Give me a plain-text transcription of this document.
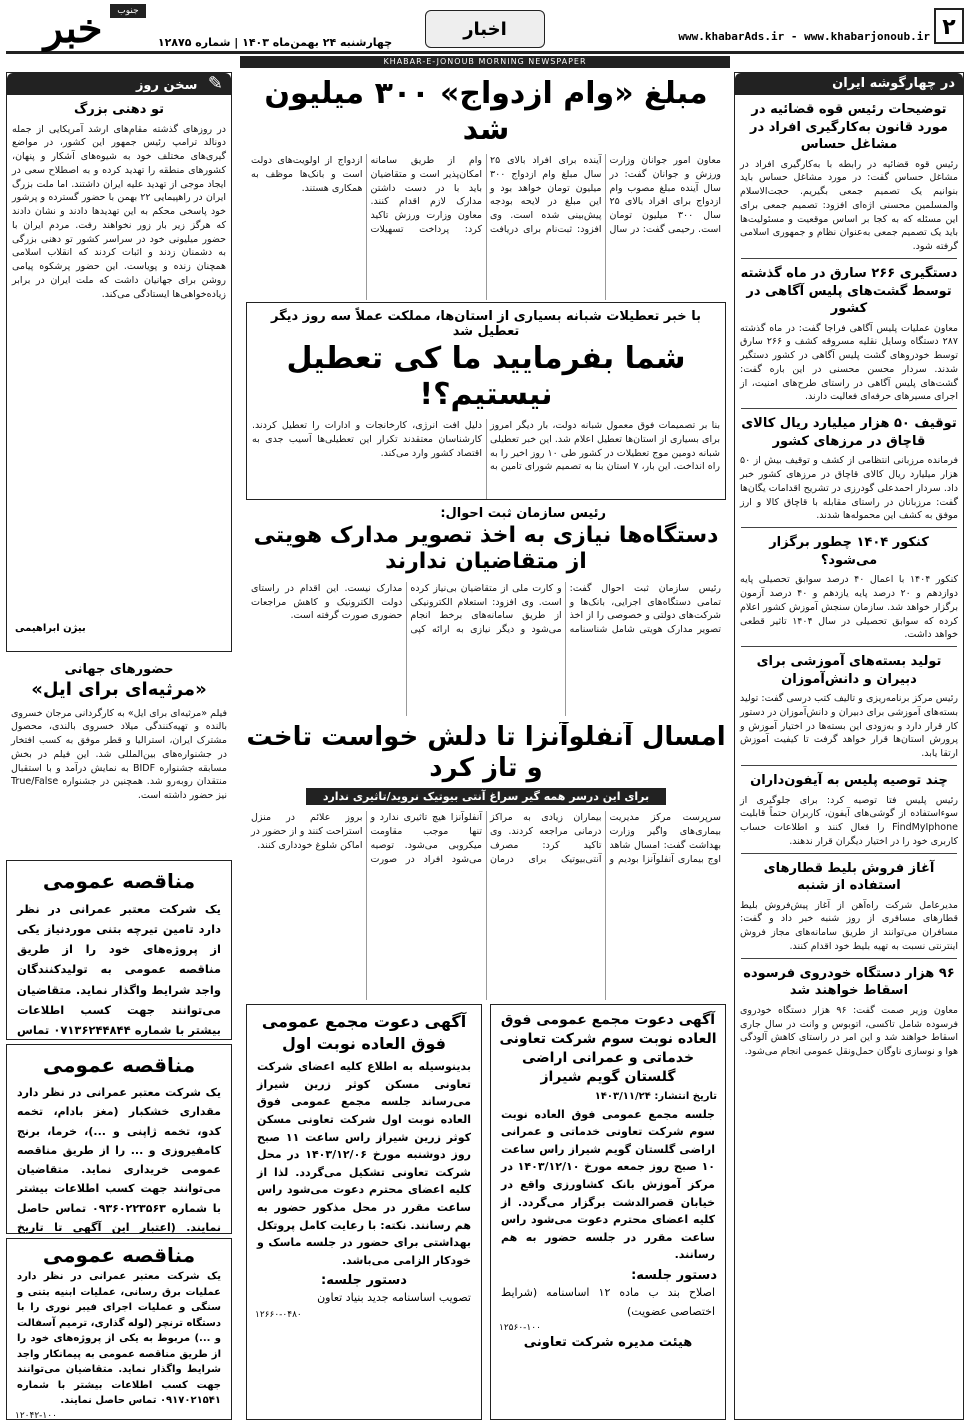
خبر	جنوب
چهارشنبه ۲۴ بهمن‌ماه ۱۴۰۳ | شماره ۱۲۸۷۵
اخبار	www.khabarAds.ir - www.khabarjonoub.ir ۲
KHABAR-E-JONOUB MORNING NEWSPAPER
در چهارگوشه ایران
توضیحات رئیس قوه قضائیه در مورد قانون به‌کارگیری افراد در مشاغل حساس
رئیس قوه قضائیه در رابطه با به‌کارگیری افراد در مشاغل حساس گفت: در مورد مشاغل حساس باید بنوانیم یک تصمیم جمعی بگیریم. حجت‌الاسلام والمسلمین محسنی اژه‌ای افزود: تصمیم جمعی برای این مسئله که به کجا بر اساس موقعیت و مسئولیت‌ها باید یک تصمیم جمعی به‌عنوان نظام و جمهوری اسلامی گرفته شود.
دستگیری ۲۶۶ سارق در ماه گذشته توسط گشت‌های پلیس آگاهی در کشور
معاون عملیات پلیس آگاهی فراجا گفت: در ماه گذشته ۲۸۷ دستگاه وسایل نقلیه مسروقه کشف و ۲۶۶ سارق توسط خودروهای گشت پلیس آگاهی در کشور دستگیر شدند. سردار محسن محسنی در این باره گفت: گشت‌های پلیس آگاهی در راستای طرح‌های امنیت، از اجرای مسیرهای حرفه‌ای فعالیت دارند.
توقیف ۵۰ هزار میلیارد ریال کالای قاچاق در مرزهای کشور
فرمانده مرزبانی انتظامی از کشف و توقیف بیش از ۵۰ هزار میلیارد ریال کالای قاچاق در مرزهای کشور خبر داد. سردار احمدعلی گودرزی در تشریح اقدامات یگان‌ها گفت: مرزبانان در راستای مقابله با قاچاق کالا و ارز موفق به کشف این محموله‌ها شدند.
کنکور ۱۴۰۴ چطور برگزار می‌شود؟
کنکور ۱۴۰۴ با اعمال ۴۰ درصد سوابق تحصیلی پایه دوازدهم و ۲۰ درصد پایه یازدهم و ۴۰ درصد آزمون برگزار خواهد شد. سازمان سنجش آموزش کشور اعلام کرده که سوابق تحصیلی در سال ۱۴۰۴ تاثیر قطعی خواهد داشت.
تولید بسته‌های آموزشی برای دبیران و دانش‌آموزان
رئیس مرکز برنامه‌ریزی و تالیف کتب درسی گفت: تولید بسته‌های آموزشی برای دبیران و دانش‌آموزان در دستور کار قرار دارد و به‌زودی این بسته‌ها در اختیار آموزش و پرورش استان‌ها قرار خواهد گرفت تا کیفیت آموزش ارتقا یابد.
چند توصیه پلیس به آیفون‌داران
رئیس پلیس فتا توصیه کرد: برای جلوگیری از سوءاستفاده از گوشی‌های آیفون، کاربران حتماً قابلیت FindMyIphone را فعال کنند و اطلاعات حساب کاربری خود را در اختیار دیگران قرار ندهند.
آغاز فروش بلیط قطارهای استفاده از شنبه
مدیرعامل شرکت راه‌آهن از آغاز پیش‌فروش بلیط قطارهای مسافری از روز شنبه خبر داد و گفت: مسافران می‌توانند از طریق سامانه‌های مجاز فروش اینترنتی نسبت به تهیه بلیط خود اقدام کنند.
۹۶ هزار دستگاه خودروی فرسوده اسقاط خواهند شد
معاون وزیر صمت گفت: ۹۶ هزار دستگاه خودروی فرسوده شامل تاکسی، اتوبوس و وانت در سال جاری اسقاط خواهند شد و این امر در راستای کاهش آلودگی هوا و نوسازی ناوگان حمل‌ونقل عمومی انجام می‌شود.
مبلغ «وام ازدواج» ۳۰۰ میلیون شد
معاون امور جوانان وزارت ورزش و جوانان گفت: در سال آینده مبلغ مصوب وام ازدواج برای افراد بالای ۲۵ سال ۳۰۰ میلیون تومان است. رحیمی گفت: در سال آینده برای افراد بالای ۲۵ سال مبلغ وام ازدواج ۳۰۰ میلیون تومان خواهد بود و این مبلغ در لایحه بودجه پیش‌بینی شده است. وی افزود: ثبت‌نام برای دریافت وام از طریق سامانه امکان‌پذیر است و متقاضیان باید با در دست داشتن مدارک لازم اقدام کنند. معاون وزارت ورزش تاکید کرد: پرداخت تسهیلات ازدواج از اولویت‌های دولت است و بانک‌ها موظف به همکاری هستند.
با خبر تعطیلات شبانه بسیاری از استان‌ها، مملکت عملاً سه روز دیگر تعطیل شد
شما بفرمایید ما کی تعطیل نیستیم؟!
بنا بر تصمیمات فوق معمول شبانه دولت، بار دیگر امروز برای بسیاری از استان‌ها تعطیل اعلام شد. این خبر تعطیلی شبانه دومین موج تعطیلات در کشور طی ۱۰ روز اخیر را به راه انداخت. این بار، ۷ استان بنا به تصمیم شورای تامین به دلیل افت انرژی، کارخانجات و ادارات را تعطیل کردند. کارشناسان معتقدند تکرار این تعطیلی‌ها آسیب جدی به اقتصاد کشور وارد می‌کند.
رئیس سازمان ثبت احوال:
دستگاه‌ها نیازی به اخذ تصویر مدارک هویتی از متقاضیان ندارند
رئیس سازمان ثبت احوال گفت: تمامی دستگاه‌های اجرایی، بانک‌ها و شرکت‌های دولتی و خصوصی را از اخذ تصویر مدارک هویتی شامل شناسنامه و کارت ملی از متقاضیان بی‌نیاز کرده است. وی افزود: استعلام الکترونیکی از طریق سامانه‌های برخط انجام می‌شود و دیگر نیازی به ارائه کپی مدارک نیست. این اقدام در راستای دولت الکترونیک و کاهش مراجعات حضوری صورت گرفته است.
امسال آنفلوآنزا تا دلش خواست تاخت و تاز کرد
برای این درسر همه گیر سراغ آنتی بیوتیک نروید/تاثیری ندارد
سرپرست مرکز مدیریت بیماری‌های واگیر وزارت بهداشت گفت: امسال شاهد اوج بیماری آنفلوآنزا بودیم و بیماران زیادی به مراکز درمانی مراجعه کردند. وی تاکید کرد: مصرف آنتی‌بیوتیک برای درمان آنفلوآنزا هیچ تاثیری ندارد و تنها موجب مقاومت میکروبی می‌شود. توصیه می‌شود افراد در صورت بروز علائم در منزل استراحت کنند و از حضور در اماکن شلوغ خودداری کنند.
آگهی دعوت مجمع عمومی فوق العاده نوبت سوم شرکت تعاونی خدماتی و عمرانی اراضی گلستان گویم شیراز
تاریخ انتشار: ۱۴۰۳/۱۱/۲۴
جلسه مجمع عمومی فوق العاده نوبت سوم شرکت تعاونی خدماتی و عمرانی اراضی گلستان گویم شیراز راس ساعت ۱۰ صبح روز جمعه مورخ ۱۴۰۳/۱۲/۱۰ در مرکز آموزش بانک کشاورزی واقع در خیابان قصرالدشت برگزار می‌گردد. از کلیه اعضای محترم دعوت می‌شود راس ساعت مقرر در جلسه حضور به هم رسانند.
دستور جلسه:
اصلاح بند ب ماده ۱۲ اساسنامه (شرایط اختصاصی عضویت)
۱۲۵۶۰-۱۰۰
هیئت مدیره شرکت تعاونی
آگهی دعوت مجمع عمومی فوق العاده نوبت اول
بدینوسیله به اطلاع کلیه اعضای شرکت تعاونی مسکن کوثر زرین شیراز می‌رساند جلسه مجمع عمومی فوق العاده نوبت اول شرکت تعاونی مسکن کوثر زرین شیراز راس ساعت ۱۱ صبح روز دوشنبه مورخ ۱۴۰۳/۱۲/۰۶ در محل شرکت تعاونی تشکیل می‌گردد. لذا از کلیه اعضای محترم دعوت می‌شود راس ساعت مقرر در محل مذکور حضور به هم رسانند. نکته: با رعایت کامل پروتکل بهداشتی برای حضور در جلسه ماسک و خودکار الزامی می‌باشد.
دستور جلسه:
تصویب اساسنامه جدید بنیاد تعاون
۱۲۶۶۰-۰۴۸۰
✎ سخن روز
تو دهنی بزرگ
در روزهای گذشته مقام‌های ارشد آمریکایی از جمله دونالد ترامپ رئیس جمهور این کشور، در مواضع گیری‌های مختلف خود به شیوه‌های آشکار و پنهان، کشورهای منطقه را تهدید کرده و به اصطلاح سعی در ایجاد موجی از تهدید علیه ایران داشتند. اما ملت بزرگ ایران در راهپیمایی ۲۲ بهمن با حضور گسترده و پرشور خود پاسخی محکم به این تهدیدها دادند و نشان دادند که هرگز زیر بار زور نخواهند رفت. مردم ایران با حضور میلیونی خود در سراسر کشور تو دهنی بزرگی به دشمنان زدند و اثبات کردند که انقلاب اسلامی همچنان زنده و پویاست. این حضور پرشکوه پیامی روشن برای جهانیان داشت که ملت ایران در برابر زیاده‌خواهی‌ها ایستادگی می‌کند.
بیژن ابراهیمی
حضورهای جهانی
«مرثیه‌ای برای ایل»
فیلم «مرثیه‌ای برای ایل» به کارگردانی مرجان خسروی بالنده و تهیه‌کنندگی میلاد خسروی بالندی، محصول مشترک ایران، استرالیا و قطر موفق به کسب افتخار در جشنواره‌های بین‌المللی شد. این فیلم در بخش مسابقه جشنواره BIDF به نمایش درآمد و با استقبال منتقدان روبه‌رو شد. همچنین در جشنواره True/False نیز حضور داشته است.
مناقصه عمومی
یک شرکت معتبر عمرانی در نظر دارد تامین تیرچه بتنی موردنیاز یکی از پروژه‌های خود را از طریق مناقصه عمومی به تولیدکنندگان واجد شرایط واگذار نماید. متقاضیان می‌توانند جهت کسب اطلاعات بیشتر با شماره ۰۷۱۳۶۲۴۴۸۴۴ تماس
مناقصه عمومی
یک شرکت معتبر عمرانی در نظر دارد مقداری خشکبار (مغز بادام، تخمه کدو، تخمه ژاپنی و ...)، خرما، برنج کامفیروزی و ... را از طریق مناقصه عمومی خریداری نماید. متقاضیان می‌توانند جهت کسب اطلاعات بیشتر با شماره ۰۹۳۶۰۲۲۳۵۶۳ تماس حاصل نمایند. (اعتبار این آگهی تا تاریخ
مناقصه عمومی
یک شرکت معتبر عمرانی در نظر دارد عملیات برق رسانی، عملیات ابنیه بتنی و سنگی و عملیات اجرای فیبر نوری را با دستگاه ترنچر (لوله گذاری، ترمیم آسفالت و ...) مربوط به یکی از پروژه‌های خود را از طریق مناقصه عمومی به پیمانکار واجد شرایط واگذار نماید. متقاضیان می‌توانند جهت کسب اطلاعات بیشتر با شماره ۰۹۱۷۰۲۱۵۴۱ تماس حاصل نمایند.
۱۲۰۴۲-۱۰۰
